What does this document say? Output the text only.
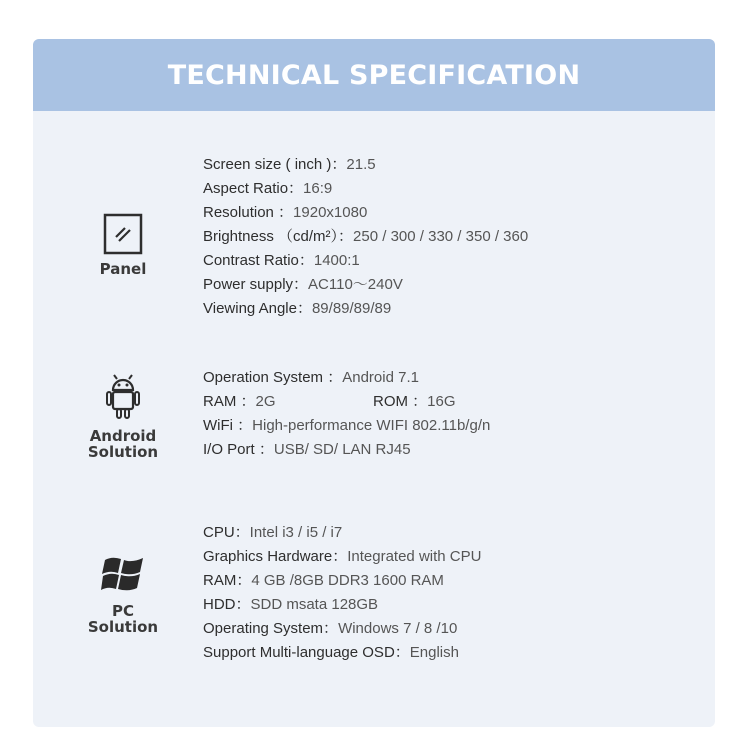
TECHNICAL SPECIFICATION
Panel
Screen size ( inch )：21.5
Aspect Ratio：16:9
Resolution ：1920x1080
Brightness （cd/m²）：250 / 300 / 330 / 350 / 360
Contrast Ratio：1400:1
Power supply：AC110～240V
Viewing Angle：89/89/89/89
Android
Solution
Operation System ：Android 7.1
RAM ：2G	ROM ：16G
WiFi ：High-performance WIFI 802.11b/g/n
I/O Port ：USB/ SD/ LAN RJ45
PC
Solution
CPU：Intel i3 / i5 / i7
Graphics Hardware：Integrated with CPU
RAM：4 GB /8GB DDR3 1600 RAM
HDD：SDD msata 128GB
Operating System：Windows 7 / 8 /10
Support Multi-language OSD：English
